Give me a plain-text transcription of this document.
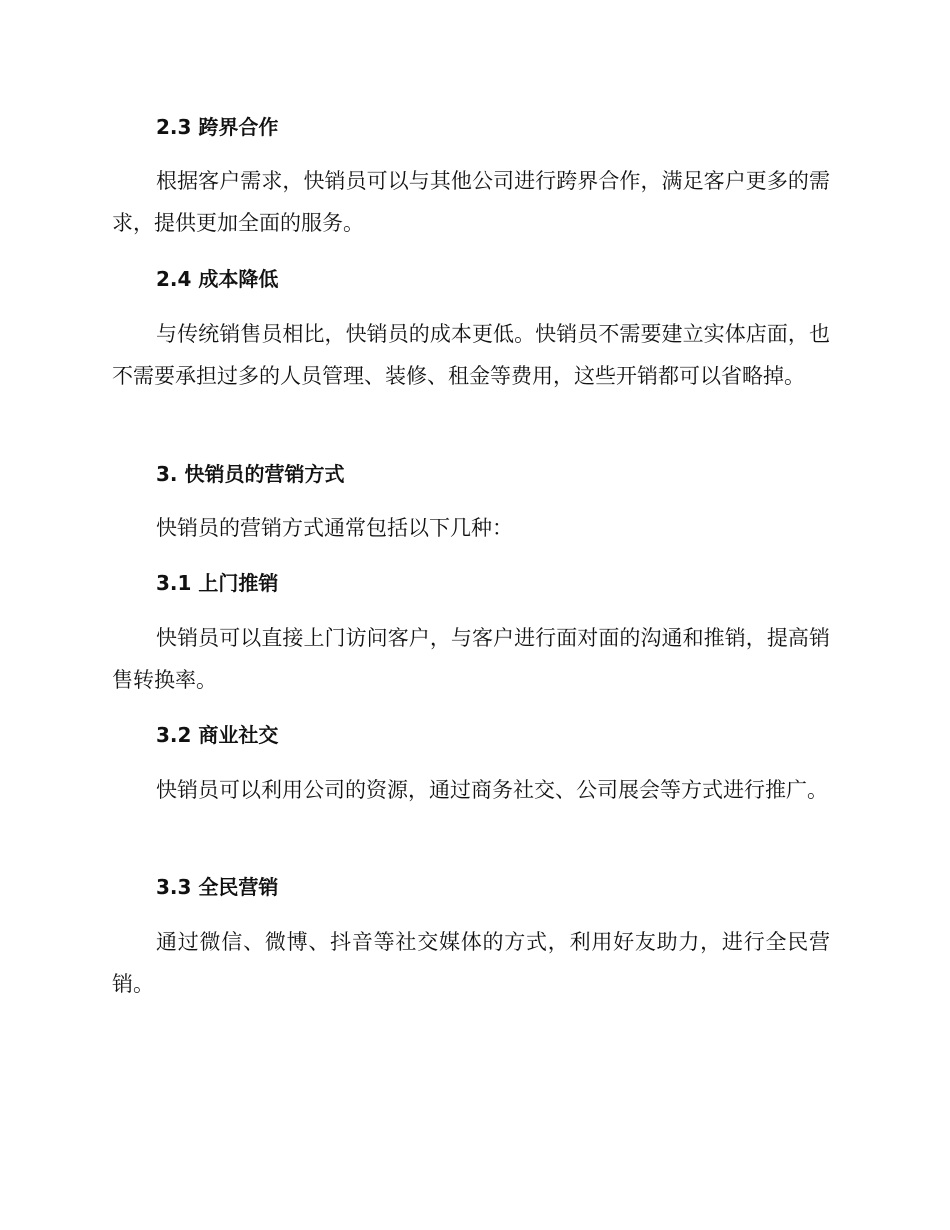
2.3 跨界合作

根据客户需求，快销员可以与其他公司进行跨界合作，满足客户更多的需求，提供更加全面的服务。

2.4 成本降低

与传统销售员相比，快销员的成本更低。快销员不需要建立实体店面，也不需要承担过多的人员管理、装修、租金等费用，这些开销都可以省略掉。

3. 快销员的营销方式

快销员的营销方式通常包括以下几种：

3.1 上门推销

快销员可以直接上门访问客户，与客户进行面对面的沟通和推销，提高销售转换率。

3.2 商业社交

快销员可以利用公司的资源，通过商务社交、公司展会等方式进行推广。

3.3 全民营销

通过微信、微博、抖音等社交媒体的方式，利用好友助力，进行全民营销。
